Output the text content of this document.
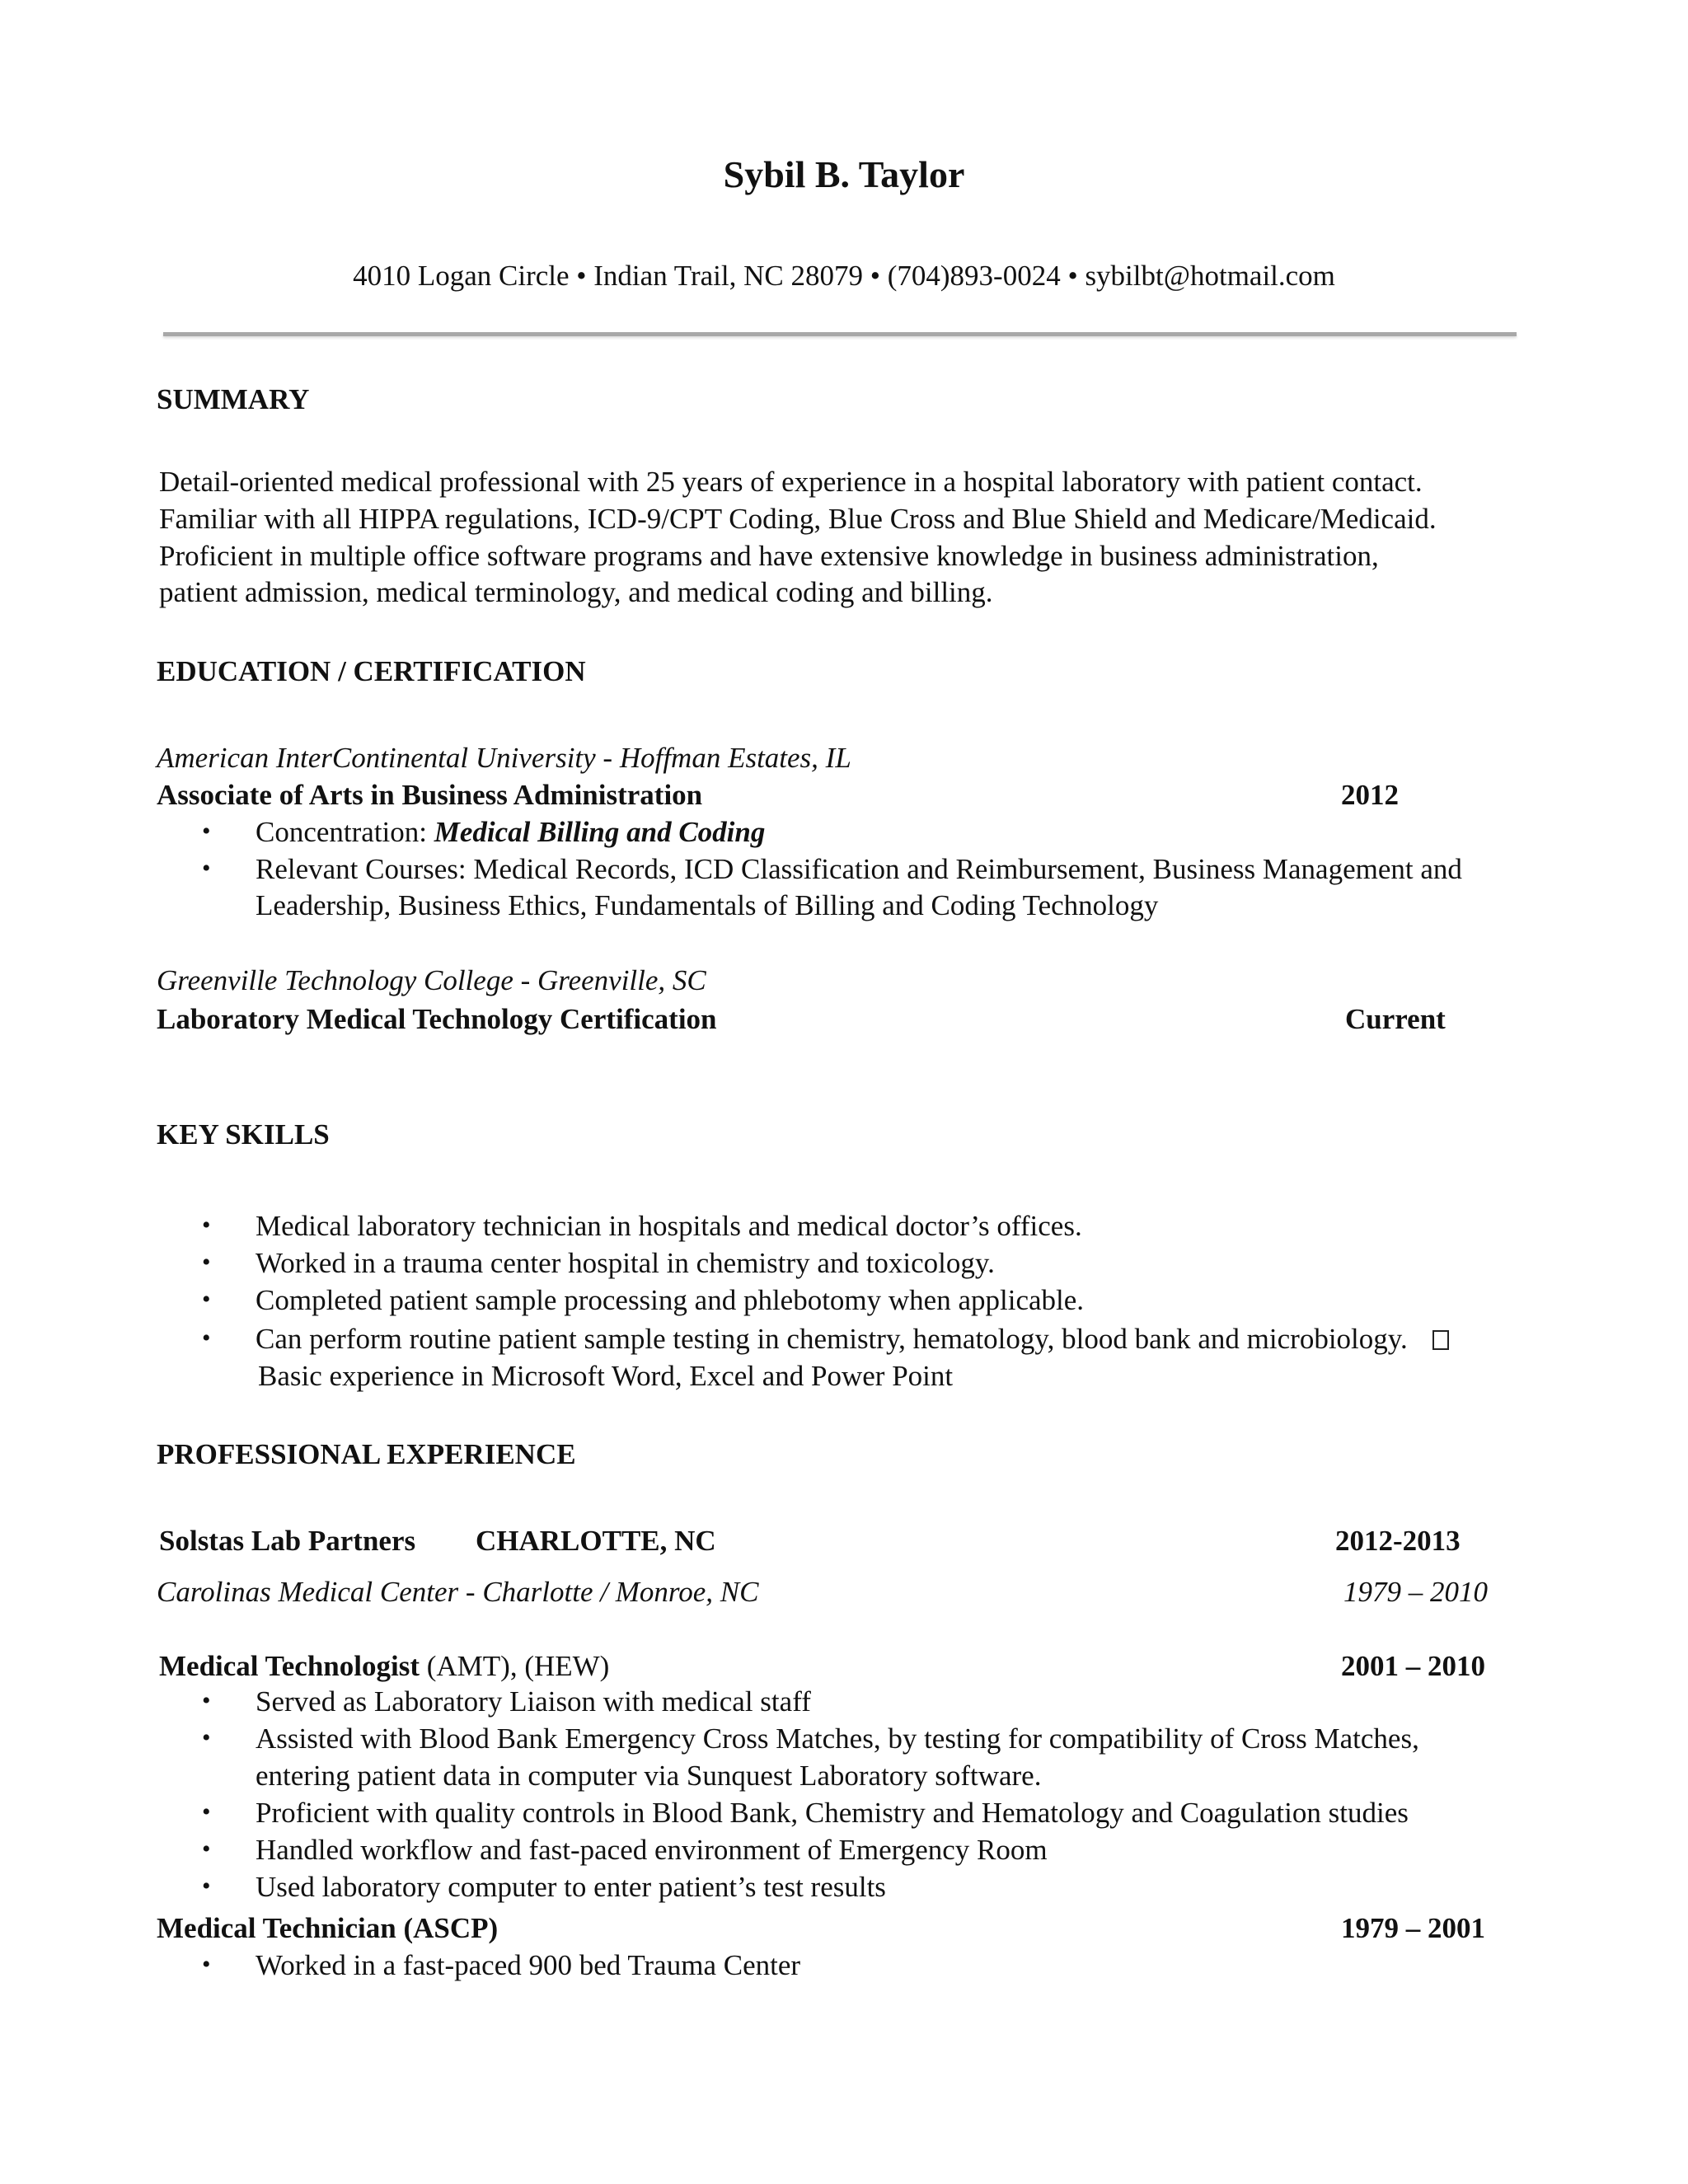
Sybil B. Taylor
4010 Logan Circle • Indian Trail, NC 28079 • (704)893-0024 • sybilbt@hotmail.com
SUMMARY
Detail-oriented medical professional with 25 years of experience in a hospital laboratory with patient contact.
Familiar with all HIPPA regulations, ICD-9/CPT Coding, Blue Cross and Blue Shield and Medicare/Medicaid.
Proficient in multiple office software programs and have extensive knowledge in business administration,
patient admission, medical terminology, and medical coding and billing.
EDUCATION / CERTIFICATION
American InterContinental University - Hoffman Estates, IL
Associate of Arts in Business Administration	2012
• Concentration: Medical Billing and Coding
• Relevant Courses: Medical Records, ICD Classification and Reimbursement, Business Management and
Leadership, Business Ethics, Fundamentals of Billing and Coding Technology
Greenville Technology College - Greenville, SC
Laboratory Medical Technology Certification	Current
KEY SKILLS
• Medical laboratory technician in hospitals and medical doctor’s offices.
• Worked in a trauma center hospital in chemistry and toxicology.
• Completed patient sample processing and phlebotomy when applicable.
• Can perform routine patient sample testing in chemistry, hematology, blood bank and microbiology.
Basic experience in Microsoft Word, Excel and Power Point
PROFESSIONAL EXPERIENCE
Solstas Lab Partners CHARLOTTE, NC	2012-2013
Carolinas Medical Center - Charlotte / Monroe, NC	1979 – 2010
Medical Technologist (AMT), (HEW)	2001 – 2010
• Served as Laboratory Liaison with medical staff
• Assisted with Blood Bank Emergency Cross Matches, by testing for compatibility of Cross Matches,
entering patient data in computer via Sunquest Laboratory software.
• Proficient with quality controls in Blood Bank, Chemistry and Hematology and Coagulation studies
• Handled workflow and fast-paced environment of Emergency Room
• Used laboratory computer to enter patient’s test results
Medical Technician (ASCP)	1979 – 2001
• Worked in a fast-paced 900 bed Trauma Center
